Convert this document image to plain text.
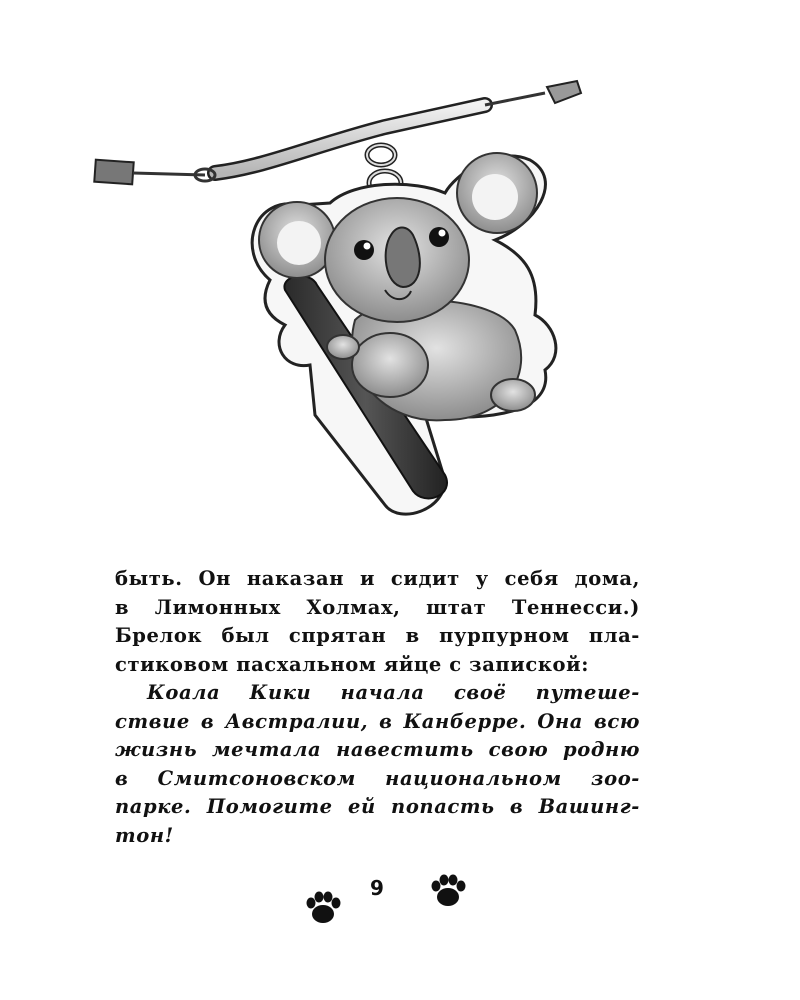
быть. Он наказан и сидит у себя дома,
в Лимонных Холмах, штат Теннесси.)
Брелок был спрятан в пурпурном пла-
стиковом пасхальном яйце с запиской:
Коала Кики начала своё путеше-
ствие в Австралии, в Канберре. Она всю
жизнь мечтала навестить свою родню
в Смитсоновском национальном зоо-
парке. Помогите ей попасть в Вашинг-
тон!
9
